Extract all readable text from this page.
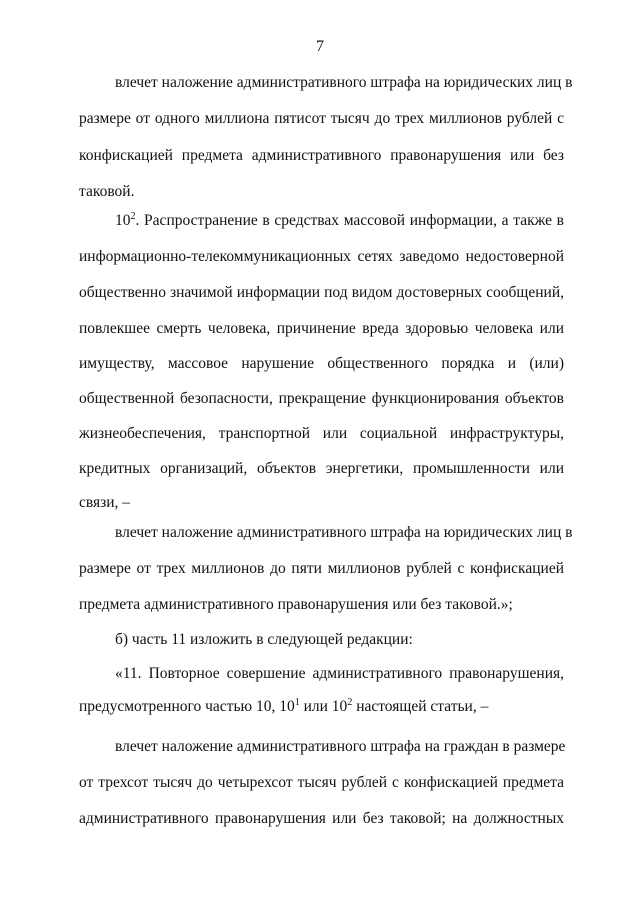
7
влечет наложение административного штрафа на юридических лиц в
размере от одного миллиона пятисот тысяч до трех миллионов рублей с
конфискацией предмета административного правонарушения или без
таковой.
$10^2$. Распространение в средствах массовой информации, а также в
информационно-телекоммуникационных сетях заведомо недостоверной
общественно значимой информации под видом достоверных сообщений,
повлекшее смерть человека, причинение вреда здоровью человека или
имуществу, массовое нарушение общественного порядка и (или)
общественной безопасности, прекращение функционирования объектов
жизнеобеспечения, транспортной или социальной инфраструктуры,
кредитных организаций, объектов энергетики, промышленности или
связи, –
влечет наложение административного штрафа на юридических лиц в
размере от трех миллионов до пяти миллионов рублей с конфискацией
предмета административного правонарушения или без таковой.»;
б) часть 11 изложить в следующей редакции:
«11. Повторное совершение административного правонарушения,
предусмотренного частью 10, $10^1$ или $10^2$ настоящей статьи, –
влечет наложение административного штрафа на граждан в размере
от трехсот тысяч до четырехсот тысяч рублей с конфискацией предмета
административного правонарушения или без таковой; на должностных
